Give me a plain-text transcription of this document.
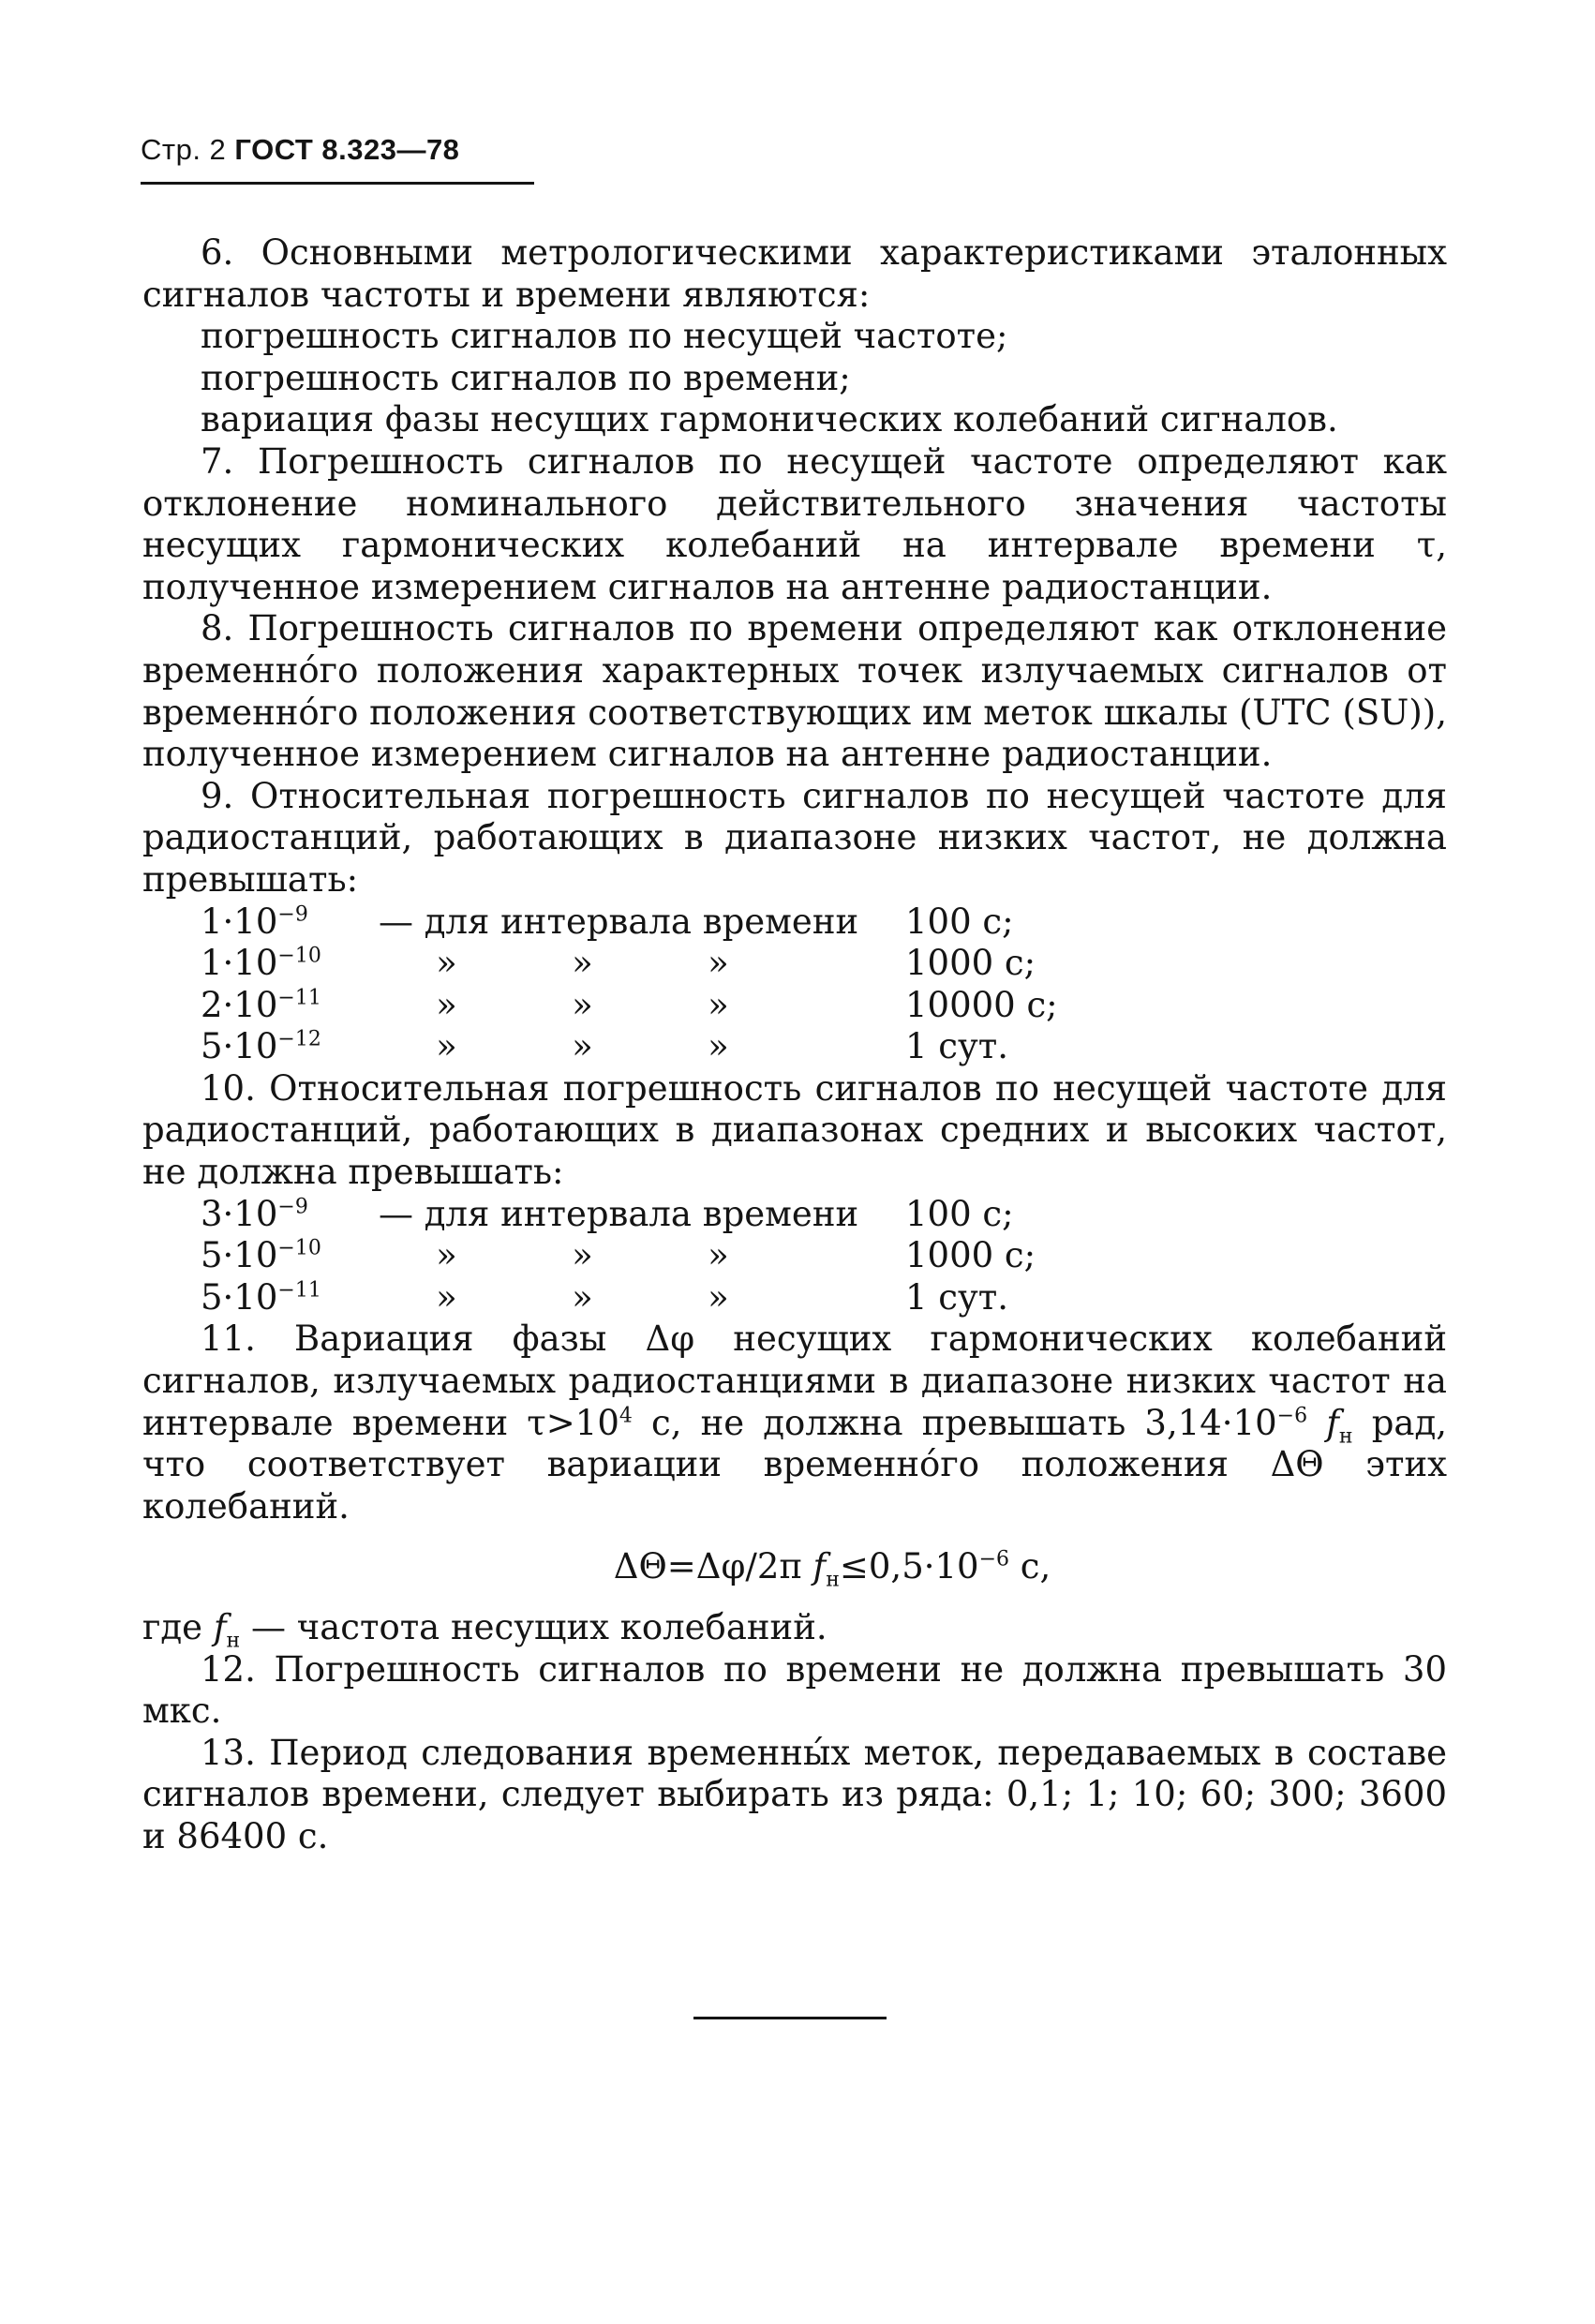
Стр. 2 ГОСТ 8.323—78

6. Основными метрологическими характеристиками эталонных сигналов частоты и времени являются:

погрешность сигналов по несущей частоте;

погрешность сигналов по времени;

вариация фазы несущих гармонических колебаний сигналов.

7. Погрешность сигналов по несущей частоте определяют как отклонение номинального действительного значения частоты несущих гармонических колебаний на интервале времени τ, полученное измерением сигналов на антенне радиостанции.

8. Погрешность сигналов по времени определяют как отклонение временно́го положения характерных точек излучаемых сигналов от временно́го положения соответствующих им меток шкалы (UTC (SU)), полученное измерением сигналов на антенне радиостанции.

9. Относительная погрешность сигналов по несущей частоте для радиостанций, работающих в диапазоне низких частот, не должна превышать:

$1\cdot 10^{-9}$	— для интервала времени 100 с;
$1\cdot 10^{-10}$	»	»	»	1000 с;
$2\cdot 10^{-11}$	»	»	»	10000 с;
$5\cdot 10^{-12}$	»	»	»	1 сут.

10. Относительная погрешность сигналов по несущей частоте для радиостанций, работающих в диапазонах средних и высоких частот, не должна превышать:

$3\cdot 10^{-9}$	— для интервала времени 100 с;
$5\cdot 10^{-10}$	»	»	»	1000 с;
$5\cdot 10^{-11}$	»	»	»	1 сут.

11. Вариация фазы Δφ несущих гармонических колебаний сигналов, излучаемых радиостанциями в диапазоне низких частот на интервале времени $\tau>10^4$ с, не должна превышать $3,14\cdot 10^{-6}$ $f_н$ рад, что соответствует вариации временно́го положения ΔΘ этих колебаний.

ΔΘ=Δφ/2π $f_н\le 0,5\cdot 10^{-6}$ с,

где $f_н$ — частота несущих колебаний.

12. Погрешность сигналов по времени не должна превышать 30 мкс.

13. Период следования временны́х меток, передаваемых в составе сигналов времени, следует выбирать из ряда: 0,1; 1; 10; 60; 300; 3600 и 86400 с.
